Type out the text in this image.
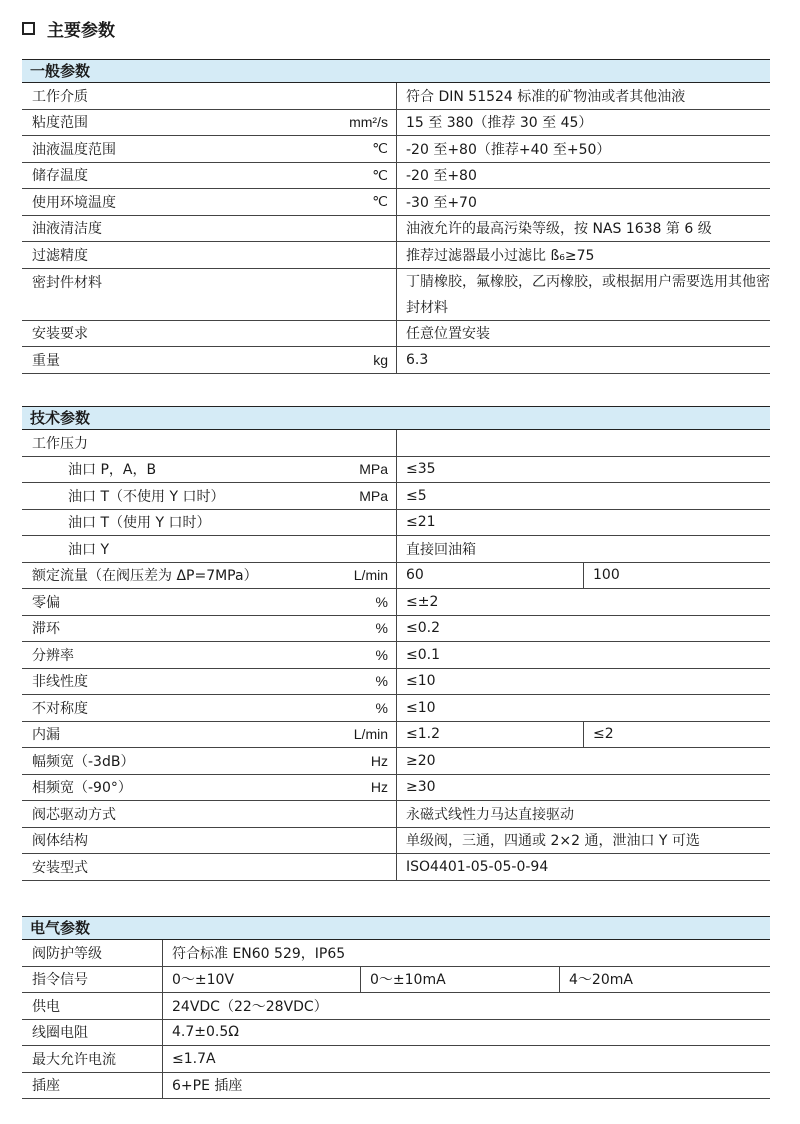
主要参数
一般参数
工作介质	符合 DIN 51524 标准的矿物油或者其他油液
粘度范围	mm²/s	15 至 380（推荐 30 至 45）
油液温度范围	℃	-20 至+80（推荐+40 至+50）
储存温度	℃	-20 至+80
使用环境温度	℃	-30 至+70
油液清洁度	油液允许的最高污染等级，按 NAS 1638 第 6 级
过滤精度	推荐过滤器最小过滤比 ß₆≥75
密封件材料	丁腈橡胶，氟橡胶，乙丙橡胶，或根据用户需要选用其他密封材料
安装要求	任意位置安装
重量	kg	6.3
技术参数
工作压力
油口 P，A，B	MPa	≤35
油口 T（不使用 Y 口时）	MPa	≤5
油口 T（使用 Y 口时）	≤21
油口 Y	直接回油箱
额定流量（在阀压差为 ΔP=7MPa）	L/min	60	100
零偏	%	≤±2
滞环	%	≤0.2
分辨率	%	≤0.1
非线性度	%	≤10
不对称度	%	≤10
内漏	L/min	≤1.2	≤2
幅频宽（-3dB）	Hz	≥20
相频宽（-90°）	Hz	≥30
阀芯驱动方式	永磁式线性力马达直接驱动
阀体结构	单级阀，三通，四通或 2×2 通，泄油口 Y 可选
安装型式	ISO4401-05-05-0-94
电气参数
阀防护等级	符合标准 EN60 529，IP65
指令信号	0～±10V	0～±10mA	4～20mA
供电	24VDC（22～28VDC）
线圈电阻	4.7±0.5Ω
最大允许电流	≤1.7A
插座	6+PE 插座
